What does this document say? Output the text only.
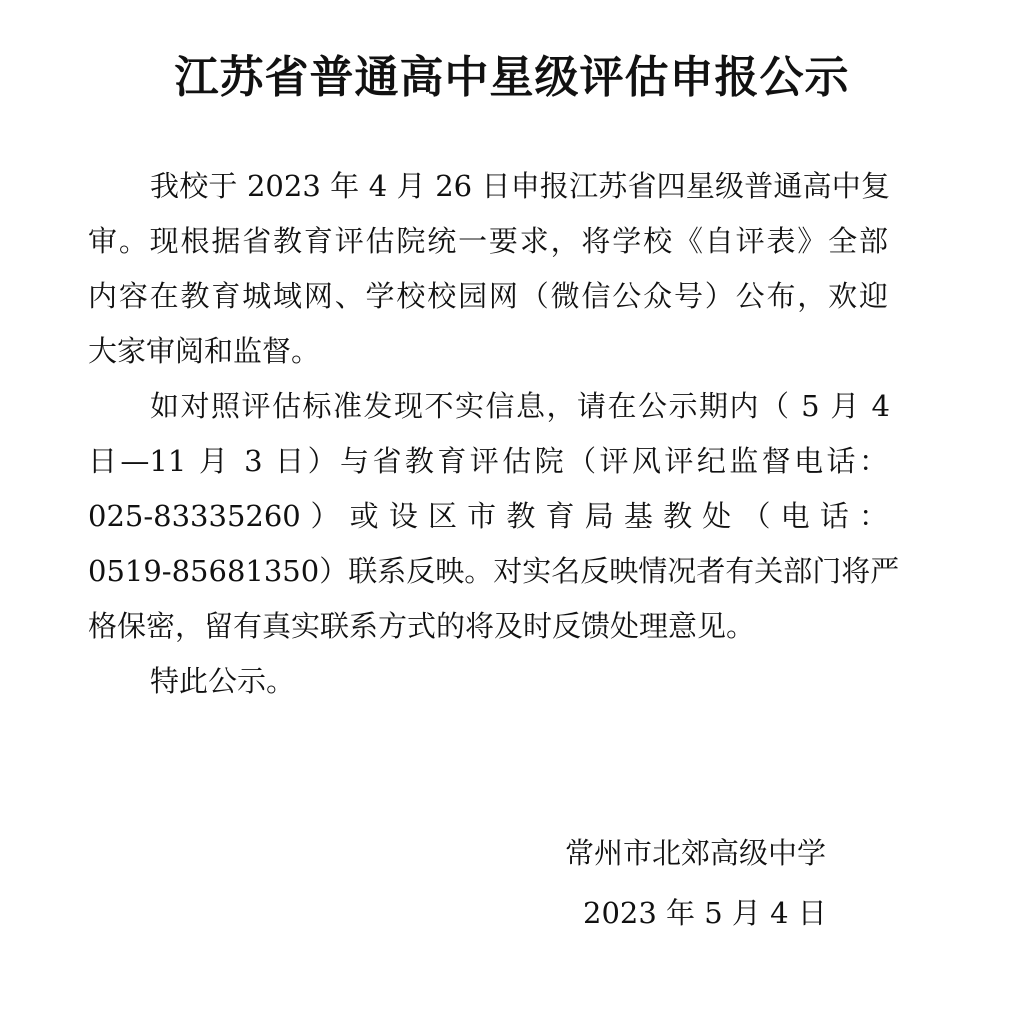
江苏省普通高中星级评估申报公示
我校于 2023 年 4 月 26 日申报江苏省四星级普通高中复
审。现根据省教育评估院统一要求，将学校《自评表》全部
内容在教育城域网、学校校园网（微信公众号）公布，欢迎
大家审阅和监督。
如对照评估标准发现不实信息，请在公示期内（ 5 月 4
日—11 月 3 日）与省教育评估院（评风评纪监督电话：
025-83335260 ） 或 设 区 市 教 育 局 基 教 处 （ 电 话 ：
0519-85681350）联系反映。对实名反映情况者有关部门将严
格保密，留有真实联系方式的将及时反馈处理意见。
特此公示。
常州市北郊高级中学
2023 年 5 月 4 日
